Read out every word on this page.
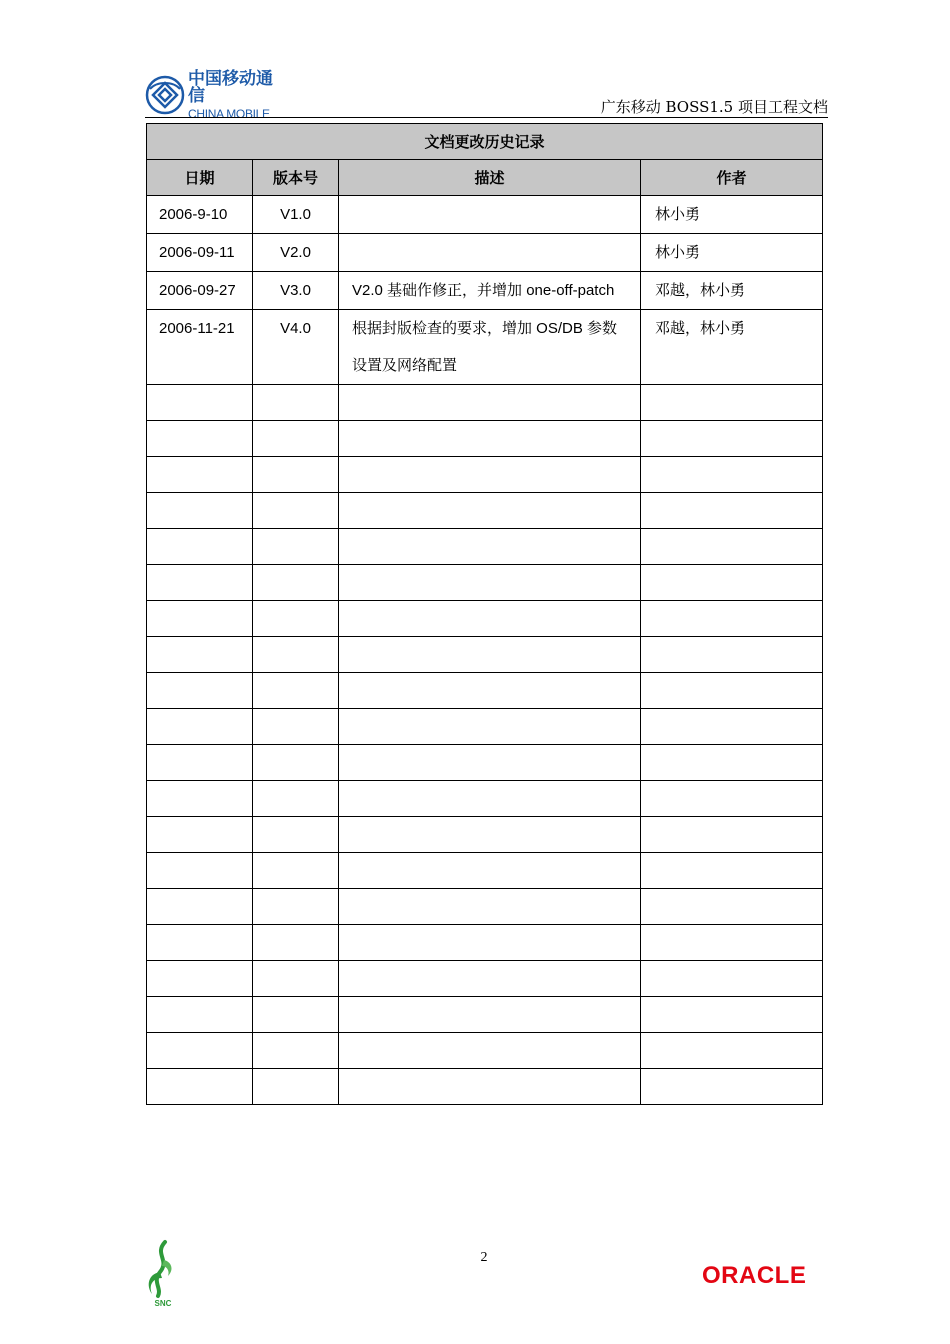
中国移动通信
CHINA MOBILE	广东移动 BOSS1.5 项目工程文档
文档更改历史记录			
日期	版本号	描述	作者

2006-9-10	V1.0		林小勇

2006-09-11	V2.0		林小勇

2006-09-27	V3.0	V2.0 基础作修正，并增加 one-off-patch	邓越，林小勇

2006-11-21	V4.0	根据封版检查的要求，增加 OS/DB 参数设置及网络配置	邓越，林小勇

2
SNC
ORACLE
